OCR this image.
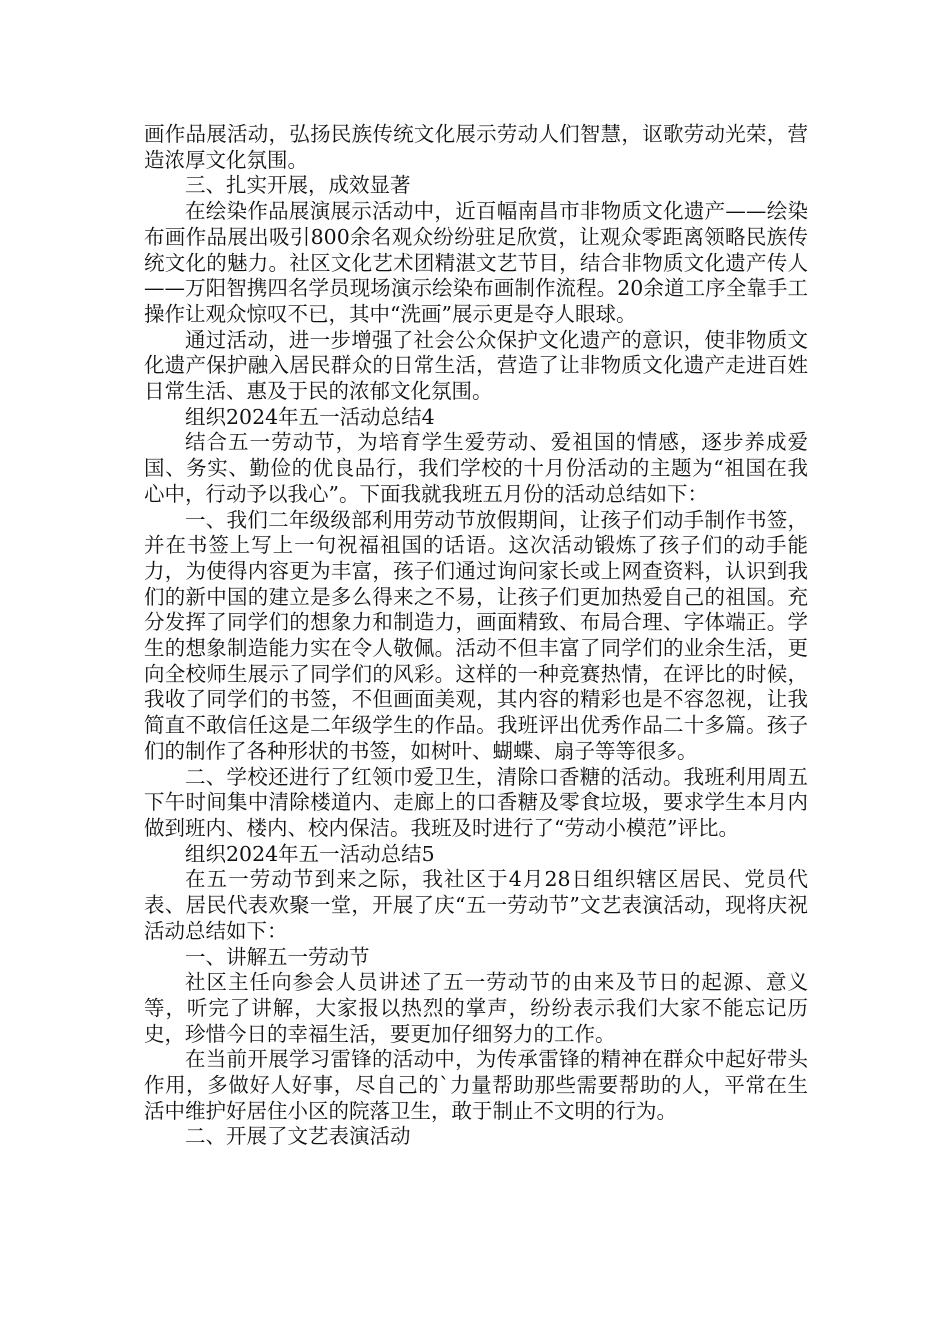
画作品展活动，弘扬民族传统文化展示劳动人们智慧，讴歌劳动光荣，营造浓厚文化氛围。

三、扎实开展，成效显著

在绘染作品展演展示活动中，近百幅南昌市非物质文化遗产——绘染布画作品展出吸引800余名观众纷纷驻足欣赏，让观众零距离领略民族传统文化的魅力。社区文化艺术团精湛文艺节目，结合非物质文化遗产传人——万阳智携四名学员现场演示绘染布画制作流程。20余道工序全靠手工操作让观众惊叹不已，其中“洗画”展示更是夺人眼球。

通过活动，进一步增强了社会公众保护文化遗产的意识，使非物质文化遗产保护融入居民群众的日常生活，营造了让非物质文化遗产走进百姓日常生活、惠及于民的浓郁文化氛围。

组织2024年五一活动总结4

结合五一劳动节，为培育学生爱劳动、爱祖国的情感，逐步养成爱国、务实、勤俭的优良品行，我们学校的十月份活动的主题为“祖国在我心中，行动予以我心”。下面我就我班五月份的活动总结如下：

一、我们二年级级部利用劳动节放假期间，让孩子们动手制作书签，并在书签上写上一句祝福祖国的话语。这次活动锻炼了孩子们的动手能力，为使得内容更为丰富，孩子们通过询问家长或上网查资料，认识到我们的新中国的建立是多么得来之不易，让孩子们更加热爱自己的祖国。充分发挥了同学们的想象力和制造力，画面精致、布局合理、字体端正。学生的想象制造能力实在令人敬佩。活动不但丰富了同学们的业余生活，更向全校师生展示了同学们的风彩。这样的一种竞赛热情，在评比的时候，我收了同学们的书签，不但画面美观，其内容的精彩也是不容忽视，让我简直不敢信任这是二年级学生的作品。我班评出优秀作品二十多篇。孩子们的制作了各种形状的书签，如树叶、蝴蝶、扇子等等很多。

二、学校还进行了红领巾爱卫生，清除口香糖的活动。我班利用周五下午时间集中清除楼道内、走廊上的口香糖及零食垃圾，要求学生本月内做到班内、楼内、校内保洁。我班及时进行了“劳动小模范”评比。

组织2024年五一活动总结5

在五一劳动节到来之际，我社区于4月28日组织辖区居民、党员代表、居民代表欢聚一堂，开展了庆“五一劳动节”文艺表演活动，现将庆祝活动总结如下：

一、讲解五一劳动节

社区主任向参会人员讲述了五一劳动节的由来及节日的起源、意义等，听完了讲解，大家报以热烈的掌声，纷纷表示我们大家不能忘记历史，珍惜今日的幸福生活，要更加仔细努力的工作。

在当前开展学习雷锋的活动中，为传承雷锋的精神在群众中起好带头作用，多做好人好事，尽自己的`力量帮助那些需要帮助的人，平常在生活中维护好居住小区的院落卫生，敢于制止不文明的行为。

二、开展了文艺表演活动
